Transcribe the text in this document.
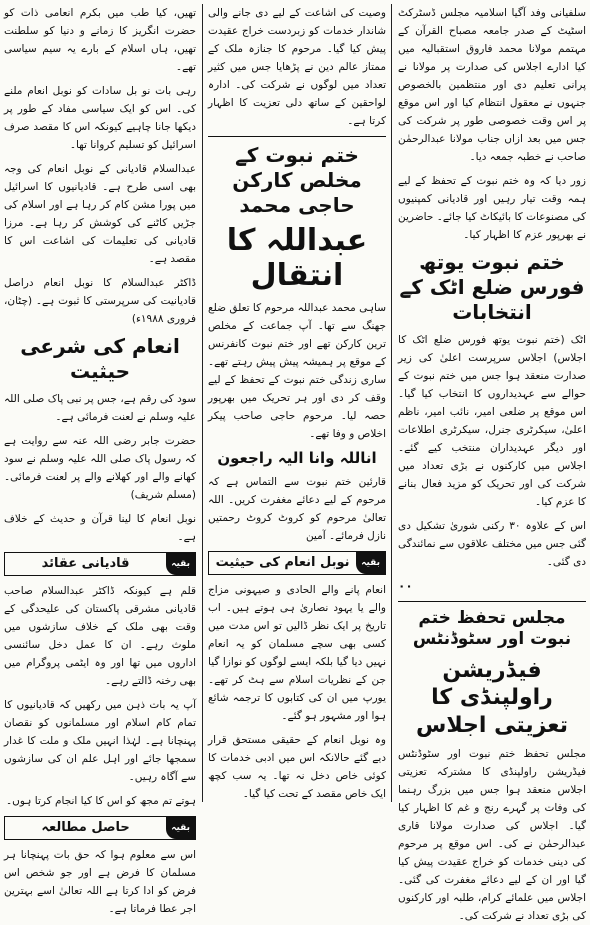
سلفیانی وفد آگیا اسلامیہ مجلس ڈسٹرکٹ اسٹیٹ کے صدر جامعہ مصباح القرآن کے مہتمم مولانا محمد فاروق استقبالیہ میں کیا ادارے اجلاس کی صدارت پر مولانا نے پرانی تعلیم دی اور منتظمین بالخصوص جنہوں نے معقول انتظام کیا اور اس موقع پر اس وقت خصوصی طور پر شرکت کی جس میں بعد ازاں جناب مولانا عبدالرحمٰن صاحب نے خطبہ جمعہ دیا۔

زور دیا کہ وہ ختم نبوت کے تحفظ کے لیے ہمہ وقت تیار رہیں اور قادیانی کمپنیوں کی مصنوعات کا بائیکاٹ کیا جائے۔ حاضرین نے بھرپور عزم کا اظہار کیا۔

ختم نبوت یوتھ فورس ضلع اٹک کے انتخابات

اٹک (ختم نبوت یوتھ فورس ضلع اٹک کا اجلاس) اجلاس سرپرست اعلیٰ کی زیر صدارت منعقد ہوا جس میں ختم نبوت کے حوالے سے عہدیداروں کا انتخاب کیا گیا۔ اس موقع پر ضلعی امیر، نائب امیر، ناظم اعلیٰ، سیکرٹری جنرل، سیکرٹری اطلاعات اور دیگر عہدیداران منتخب کیے گئے۔ اجلاس میں کارکنوں نے بڑی تعداد میں شرکت کی اور تحریک کو مزید فعال بنانے کا عزم کیا۔

اس کے علاوہ ۳۰ رکنی شوریٰ تشکیل دی گئی جس میں مختلف علاقوں سے نمائندگی دی گئی۔

۰۰
مجلس تحفظ ختم نبوت اور سٹوڈنٹس
فیڈریشن راولپنڈی کا تعزیتی اجلاس

مجلس تحفظ ختم نبوت اور سٹوڈنٹس فیڈریشن راولپنڈی کا مشترکہ تعزیتی اجلاس منعقد ہوا جس میں بزرگ رہنما کی وفات پر گہرے رنج و غم کا اظہار کیا گیا۔ اجلاس کی صدارت مولانا قاری عبدالرحمٰن نے کی۔ اس موقع پر مرحوم کی دینی خدمات کو خراج عقیدت پیش کیا گیا اور ان کے لیے دعائے مغفرت کی گئی۔ اجلاس میں علمائے کرام، طلبہ اور کارکنوں کی بڑی تعداد نے شرکت کی۔

وصیت کی اشاعت کے لیے دی جانے والی شاندار خدمات کو زبردست خراج عقیدت پیش کیا گیا۔ مرحوم کا جنازہ ملک کے ممتاز عالم دین نے پڑھایا جس میں کثیر تعداد میں لوگوں نے شرکت کی۔ ادارہ لواحقین کے ساتھ دلی تعزیت کا اظہار کرتا ہے۔

ختم نبوت کے مخلص کارکن حاجی محمد
عبداللہ کا انتقال

ساہی محمد عبداللہ مرحوم کا تعلق ضلع جھنگ سے تھا۔ آپ جماعت کے مخلص ترین کارکن تھے اور ختم نبوت کانفرنس کے موقع پر ہمیشہ پیش پیش رہتے تھے۔ ساری زندگی ختم نبوت کے تحفظ کے لیے وقف کر دی اور ہر تحریک میں بھرپور حصہ لیا۔ مرحوم حاجی صاحب پیکر اخلاص و وفا تھے۔

اناللہ وانا الیہ راجعون

قارئین ختم نبوت سے التماس ہے کہ مرحوم کے لیے دعائے مغفرت کریں۔ اللہ تعالیٰ مرحوم کو کروٹ کروٹ رحمتیں نازل فرمائے۔ آمین

بقیہ
نوبل انعام کی حیثیت

انعام پانے والے الحادی و صیہونی مزاج والے یا یہود نصاریٰ ہی ہوتے ہیں۔ اب تاریخ پر ایک نظر ڈالیں تو اس مدت میں کسی بھی سچے مسلمان کو یہ انعام نہیں دیا گیا بلکہ ایسے لوگوں کو نوازا گیا جن کے نظریات اسلام سے ہٹ کر تھے۔ یورپ میں ان کی کتابوں کا ترجمہ شائع ہوا اور مشہور ہو گئے۔

وہ نوبل انعام کے حقیقی مستحق قرار دیے گئے حالانکہ اس میں ادبی خدمات کا کوئی خاص دخل نہ تھا۔ یہ سب کچھ ایک خاص مقصد کے تحت کیا گیا۔

تھیں، کیا طب میں بکرم انعامی ذات کو حضرت انگریز کا زمانے و دنیا کو سلطنت تھیں، ہاں اسلام کے بارے یہ سیم سیاسی تھے۔

رہی بات نو بل سادات کو نوبل انعام ملنے کی۔ اس کو ایک سیاسی مفاد کے طور پر دیکھا جانا چاہیے کیونکہ اس کا مقصد صرف اسرائیل کو تسلیم کروانا تھا۔

عبدالسلام قادیانی کے نوبل انعام کی وجہ بھی اسی طرح ہے۔ قادیانیوں کا اسرائیل میں پورا مشن کام کر رہا ہے اور اسلام کی جڑیں کاٹنے کی کوشش کر رہا ہے۔ مرزا قادیانی کی تعلیمات کی اشاعت اس کا مقصد ہے۔

ڈاکٹر عبدالسلام کا نوبل انعام دراصل قادیانیت کی سرپرستی کا ثبوت ہے۔ (چٹان، فروری ۱۹۸۸ء)

انعام کی شرعی حیثیت

سود کی رقم ہے، جس پر نبی پاک صلی اللہ علیہ وسلم نے لعنت فرمائی ہے۔

حضرت جابر رضی اللہ عنہ سے روایت ہے کہ رسول پاک صلی اللہ علیہ وسلم نے سود کھانے والے اور کھلانے والے پر لعنت فرمائی۔ (مسلم شریف)

نوبل انعام کا لینا قرآن و حدیث کے خلاف ہے۔

بقیہ
قادیانی عقائد

قلم ہے کیونکہ ڈاکٹر عبدالسلام صاحب قادیانی مشرقی پاکستان کی علیحدگی کے وقت بھی ملک کے خلاف سازشوں میں ملوث رہے۔ ان کا عمل دخل سائنسی اداروں میں تھا اور وہ ایٹمی پروگرام میں بھی رخنہ ڈالتے رہے۔

آپ یہ بات ذہن میں رکھیں کہ قادیانیوں کا تمام کام اسلام اور مسلمانوں کو نقصان پہنچانا ہے۔ لہٰذا انہیں ملک و ملت کا غدار سمجھا جائے اور اہل علم ان کی سازشوں سے آگاہ رہیں۔

ہوتے تم مجھ کو اس کا کیا انجام کرتا ہوں۔

بقیہ
حاصل مطالعہ

اس سے معلوم ہوا کہ حق بات پہنچانا ہر مسلمان کا فرض ہے اور جو شخص اس فرض کو ادا کرتا ہے اللہ تعالیٰ اسے بہترین اجر عطا فرماتا ہے۔
